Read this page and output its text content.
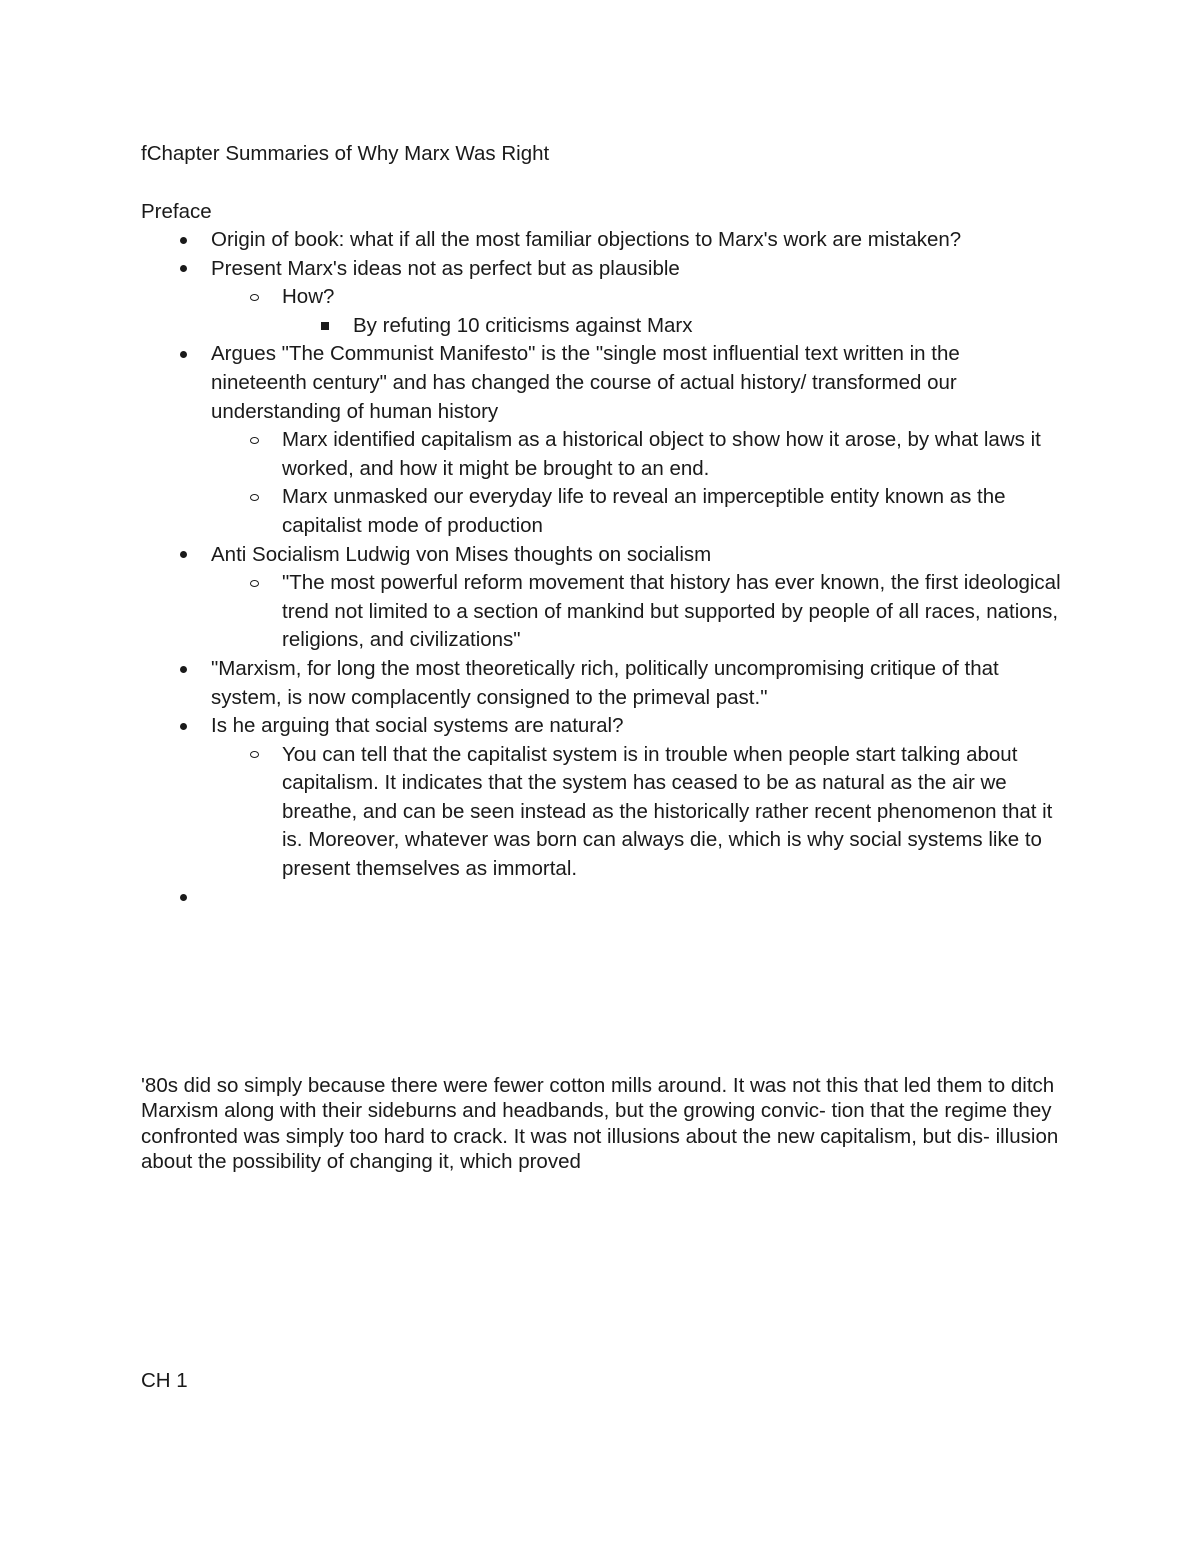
fChapter Summaries of Why Marx Was Right
Preface
Origin of book: what if all the most familiar objections to Marx's work are mistaken?
Present Marx's ideas not as perfect but as plausible
How?
By refuting 10 criticisms against Marx
Argues "The Communist Manifesto" is the "single most influential text written in the nineteenth century" and has changed the course of actual history/ transformed our understanding of human history
Marx identified capitalism as a historical object to show how it arose, by what laws it worked, and how it might be brought to an end.
Marx unmasked our everyday life to reveal an imperceptible entity known as the capitalist mode of production
Anti Socialism Ludwig von Mises thoughts on socialism
"The most powerful reform movement that history has ever known, the first ideological trend not limited to a section of mankind but supported by people of all races, nations, religions, and civilizations"
"Marxism, for long the most theoretically rich, politically uncompromising critique of that system, is now complacently consigned to the primeval past."
Is he arguing that social systems are natural?
You can tell that the capitalist system is in trouble when people start talking about capitalism. It indicates that the system has ceased to be as natural as the air we breathe, and can be seen instead as the historically rather recent phenomenon that it is. Moreover, whatever was born can always die, which is why social systems like to present themselves as immortal.

'80s did so simply because there were fewer cotton mills around. It was not this that led them to ditch Marxism along with their sideburns and headbands, but the growing convic- tion that the regime they confronted was simply too hard to crack. It was not illusions about the new capitalism, but dis- illusion about the possibility of changing it, which proved

CH 1
